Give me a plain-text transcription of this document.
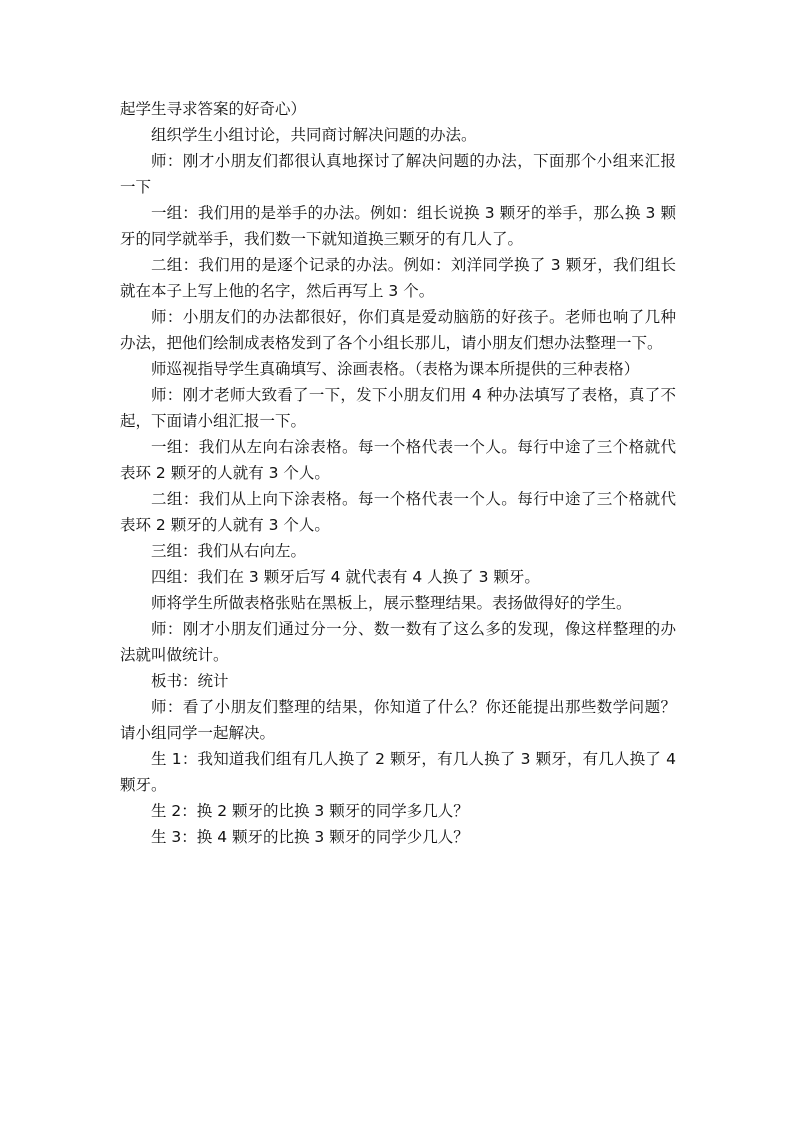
起学生寻求答案的好奇心）

组织学生小组讨论，共同商讨解决问题的办法。

师：刚才小朋友们都很认真地探讨了解决问题的办法，下面那个小组来汇报一下

一组：我们用的是举手的办法。例如：组长说换 3 颗牙的举手，那么换 3 颗牙的同学就举手，我们数一下就知道换三颗牙的有几人了。

二组：我们用的是逐个记录的办法。例如：刘洋同学换了 3 颗牙，我们组长就在本子上写上他的名字，然后再写上 3 个。

师：小朋友们的办法都很好，你们真是爱动脑筋的好孩子。老师也响了几种办法，把他们绘制成表格发到了各个小组长那儿，请小朋友们想办法整理一下。

师巡视指导学生真确填写、涂画表格。（表格为课本所提供的三种表格）

师：刚才老师大致看了一下，发下小朋友们用 4 种办法填写了表格，真了不起，下面请小组汇报一下。

一组：我们从左向右涂表格。每一个格代表一个人。每行中途了三个格就代表环 2 颗牙的人就有 3 个人。

二组：我们从上向下涂表格。每一个格代表一个人。每行中途了三个格就代表环 2 颗牙的人就有 3 个人。

三组：我们从右向左。

四组：我们在 3 颗牙后写 4 就代表有 4 人换了 3 颗牙。

师将学生所做表格张贴在黑板上，展示整理结果。表扬做得好的学生。

师：刚才小朋友们通过分一分、数一数有了这么多的发现，像这样整理的办法就叫做统计。

板书：统计

师：看了小朋友们整理的结果，你知道了什么？你还能提出那些数学问题？请小组同学一起解决。

生 1：我知道我们组有几人换了 2 颗牙，有几人换了 3 颗牙，有几人换了 4 颗牙。

生 2：换 2 颗牙的比换 3 颗牙的同学多几人？

生 3：换 4 颗牙的比换 3 颗牙的同学少几人？
